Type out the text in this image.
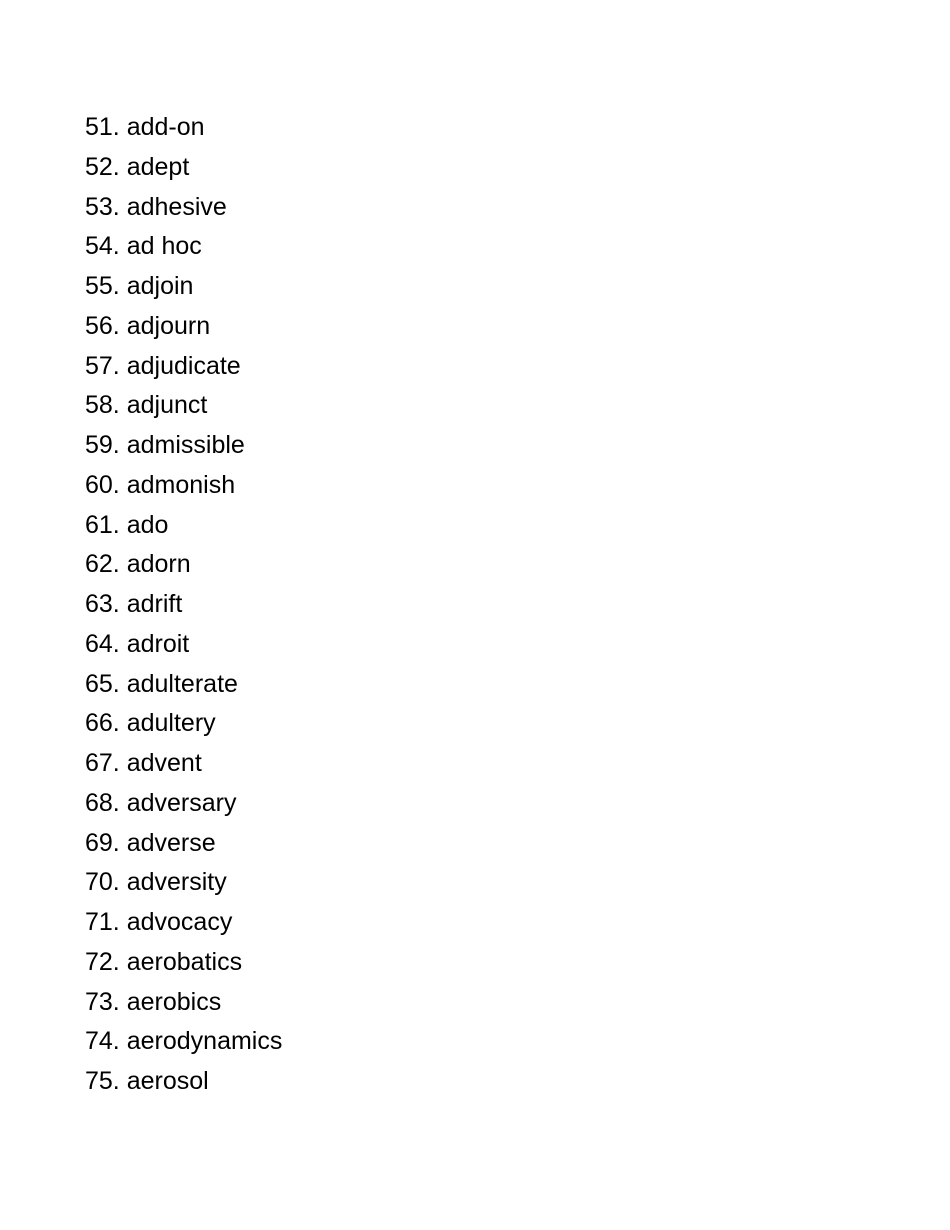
51. add-on
52. adept
53. adhesive
54. ad hoc
55. adjoin
56. adjourn
57. adjudicate
58. adjunct
59. admissible
60. admonish
61. ado
62. adorn
63. adrift
64. adroit
65. adulterate
66. adultery
67. advent
68. adversary
69. adverse
70. adversity
71. advocacy
72. aerobatics
73. aerobics
74. aerodynamics
75. aerosol
